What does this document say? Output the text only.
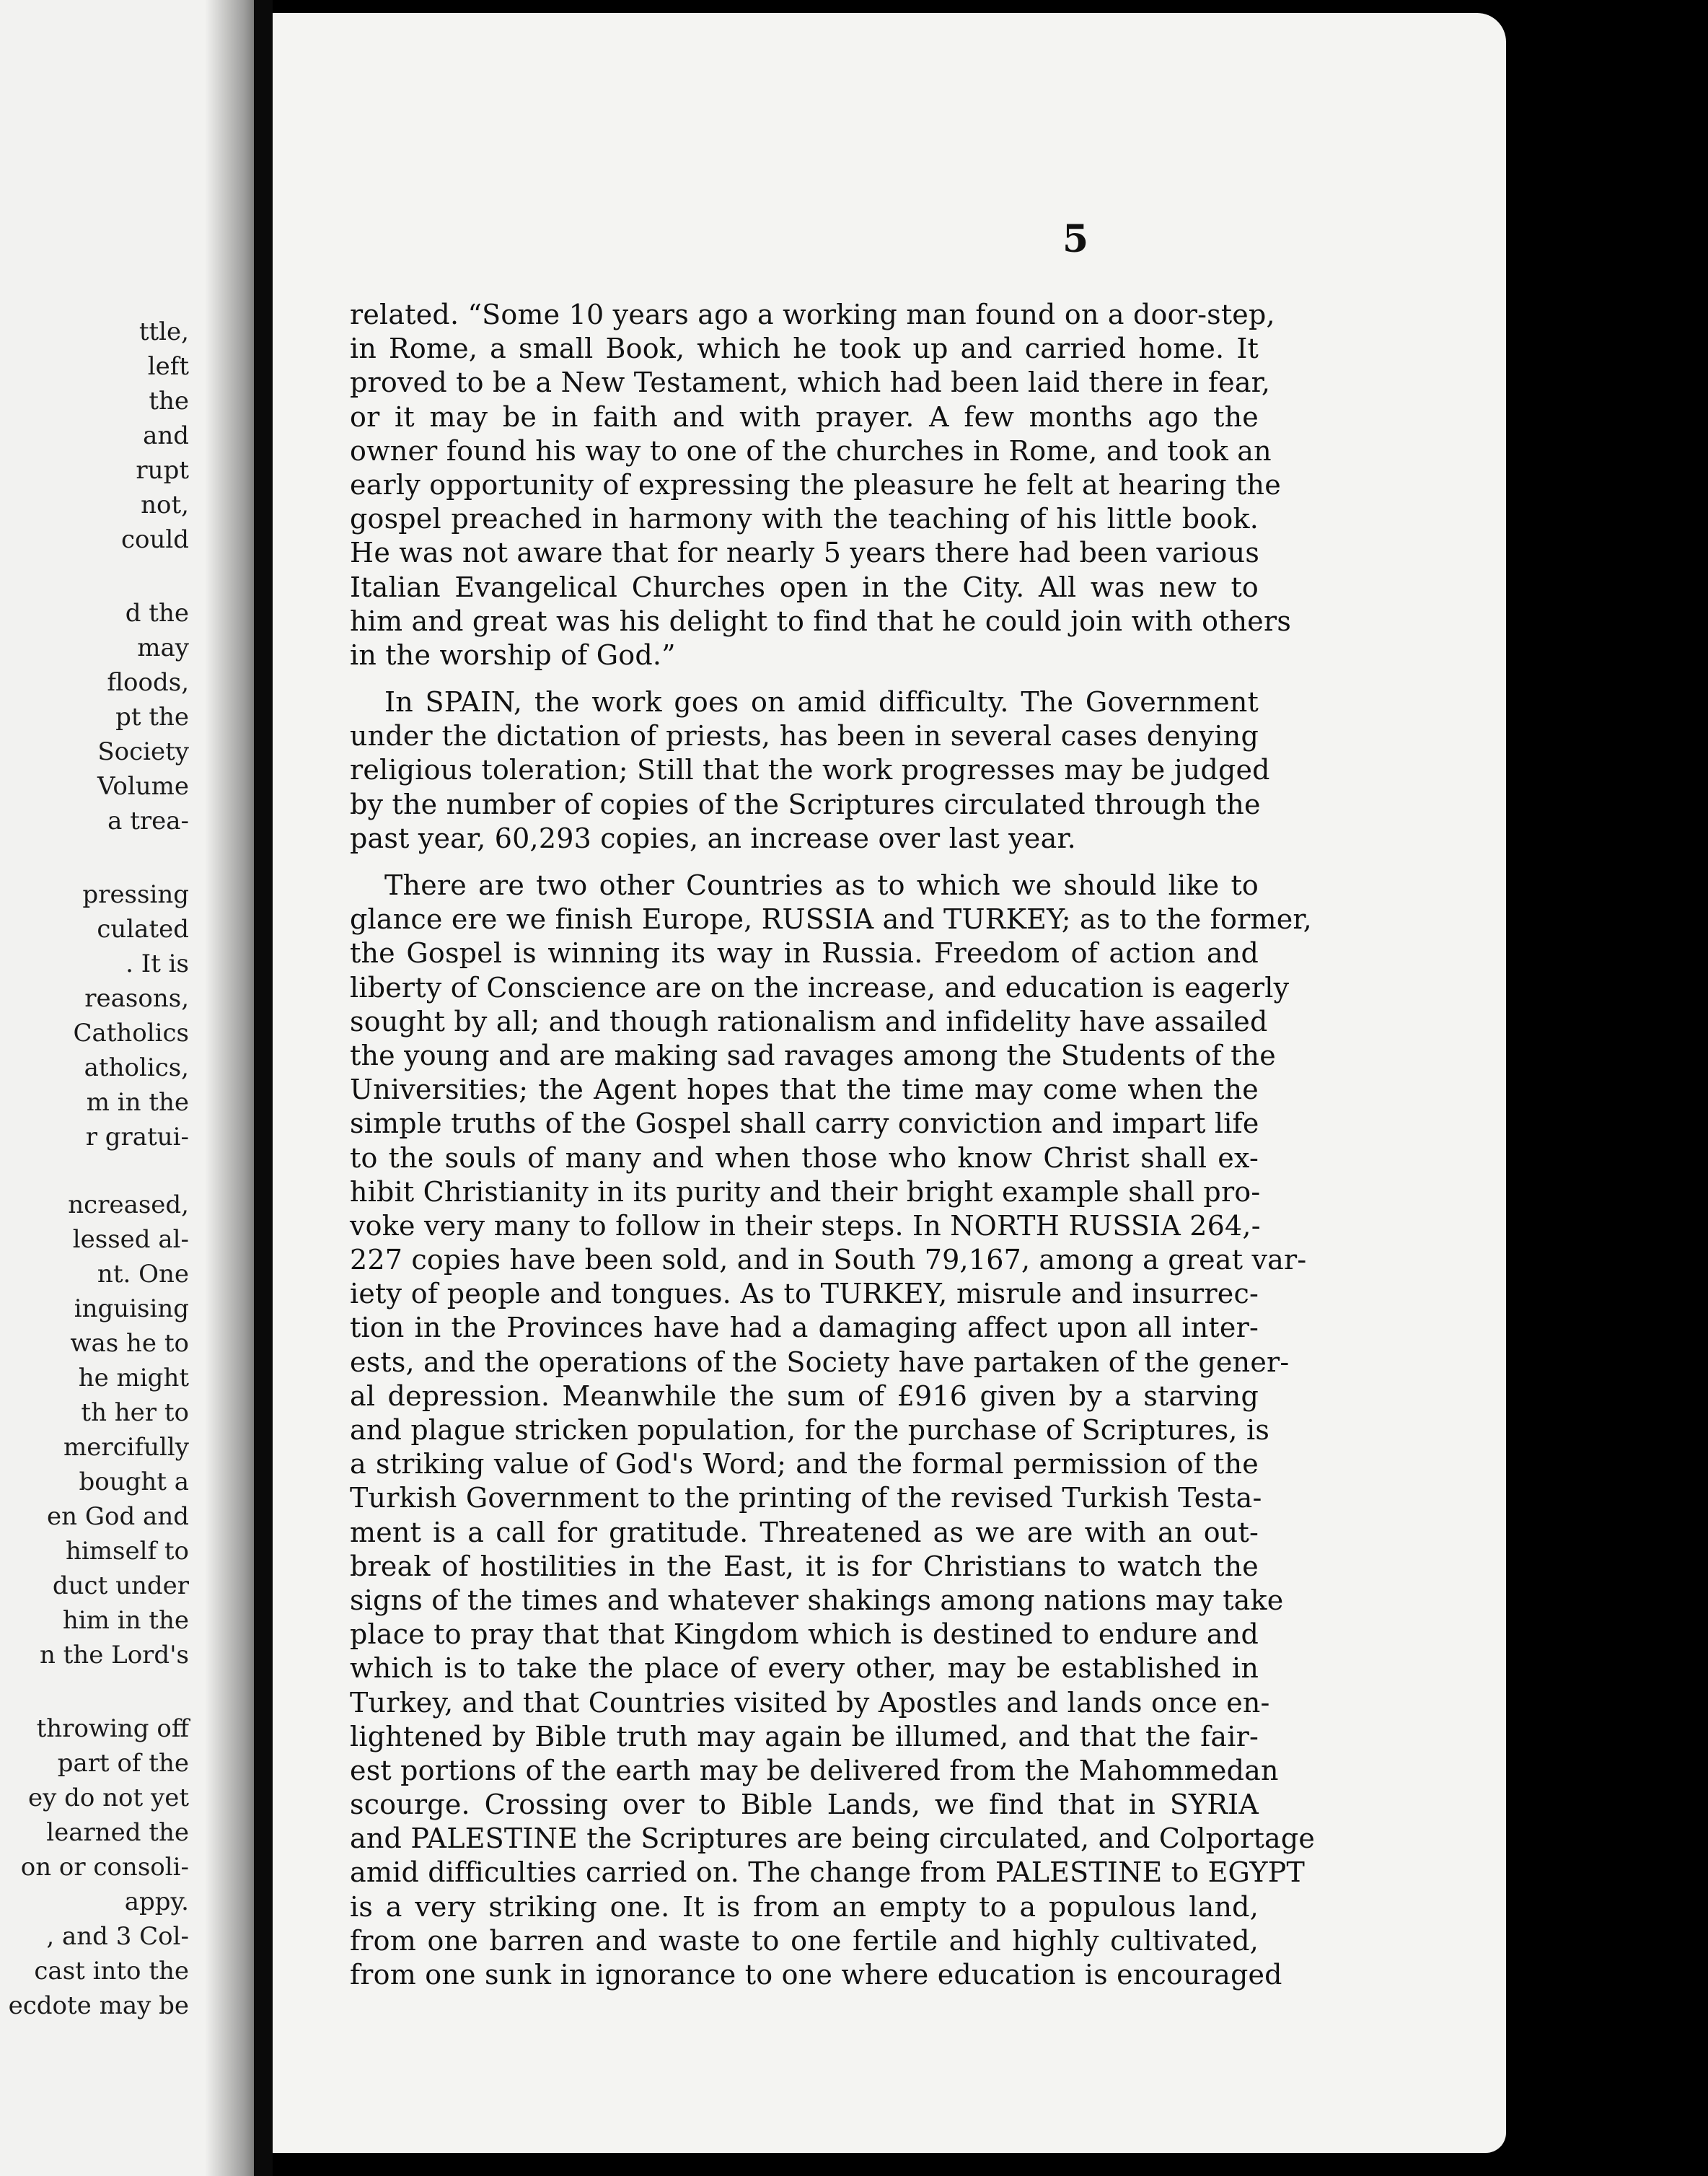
ttle,
left
the
and
rupt
not,
could
d the
may
floods,
pt the
Society
Volume
a trea-
pressing
culated
. It is
reasons,
Catholics
atholics,
m in the
r gratui-
ncreased,
lessed al-
nt. One
inguising
was he to
he might
th her to
mercifully
bought a
en God and
himself to
duct under
him in the
n the Lord's
throwing off
part of the
ey do not yet
learned the
on or consoli-
appy.
, and 3 Col-
cast into the
ecdote may be
5
related. “Some 10 years ago a working man found on a door-step,
in Rome, a small Book, which he took up and carried home. It
proved to be a New Testament, which had been laid there in fear,
or it may be in faith and with prayer. A few months ago the
owner found his way to one of the churches in Rome, and took an
early opportunity of expressing the pleasure he felt at hearing the
gospel preached in harmony with the teaching of his little book.
He was not aware that for nearly 5 years there had been various
Italian Evangelical Churches open in the City. All was new to
him and great was his delight to find that he could join with others
in the worship of God.”
In SPAIN, the work goes on amid difficulty. The Government
under the dictation of priests, has been in several cases denying
religious toleration; Still that the work progresses may be judged
by the number of copies of the Scriptures circulated through the
past year, 60,293 copies, an increase over last year.
There are two other Countries as to which we should like to
glance ere we finish Europe, RUSSIA and TURKEY; as to the former,
the Gospel is winning its way in Russia. Freedom of action and
liberty of Conscience are on the increase, and education is eagerly
sought by all; and though rationalism and infidelity have assailed
the young and are making sad ravages among the Students of the
Universities; the Agent hopes that the time may come when the
simple truths of the Gospel shall carry conviction and impart life
to the souls of many and when those who know Christ shall ex-
hibit Christianity in its purity and their bright example shall pro-
voke very many to follow in their steps. In NORTH RUSSIA 264,-
227 copies have been sold, and in South 79,167, among a great var-
iety of people and tongues. As to TURKEY, misrule and insurrec-
tion in the Provinces have had a damaging affect upon all inter-
ests, and the operations of the Society have partaken of the gener-
al depression. Meanwhile the sum of £916 given by a starving
and plague stricken population, for the purchase of Scriptures, is
a striking value of God's Word; and the formal permission of the
Turkish Government to the printing of the revised Turkish Testa-
ment is a call for gratitude. Threatened as we are with an out-
break of hostilities in the East, it is for Christians to watch the
signs of the times and whatever shakings among nations may take
place to pray that that Kingdom which is destined to endure and
which is to take the place of every other, may be established in
Turkey, and that Countries visited by Apostles and lands once en-
lightened by Bible truth may again be illumed, and that the fair-
est portions of the earth may be delivered from the Mahommedan
scourge. Crossing over to Bible Lands, we find that in SYRIA
and PALESTINE the Scriptures are being circulated, and Colportage
amid difficulties carried on. The change from PALESTINE to EGYPT
is a very striking one. It is from an empty to a populous land,
from one barren and waste to one fertile and highly cultivated,
from one sunk in ignorance to one where education is encouraged
